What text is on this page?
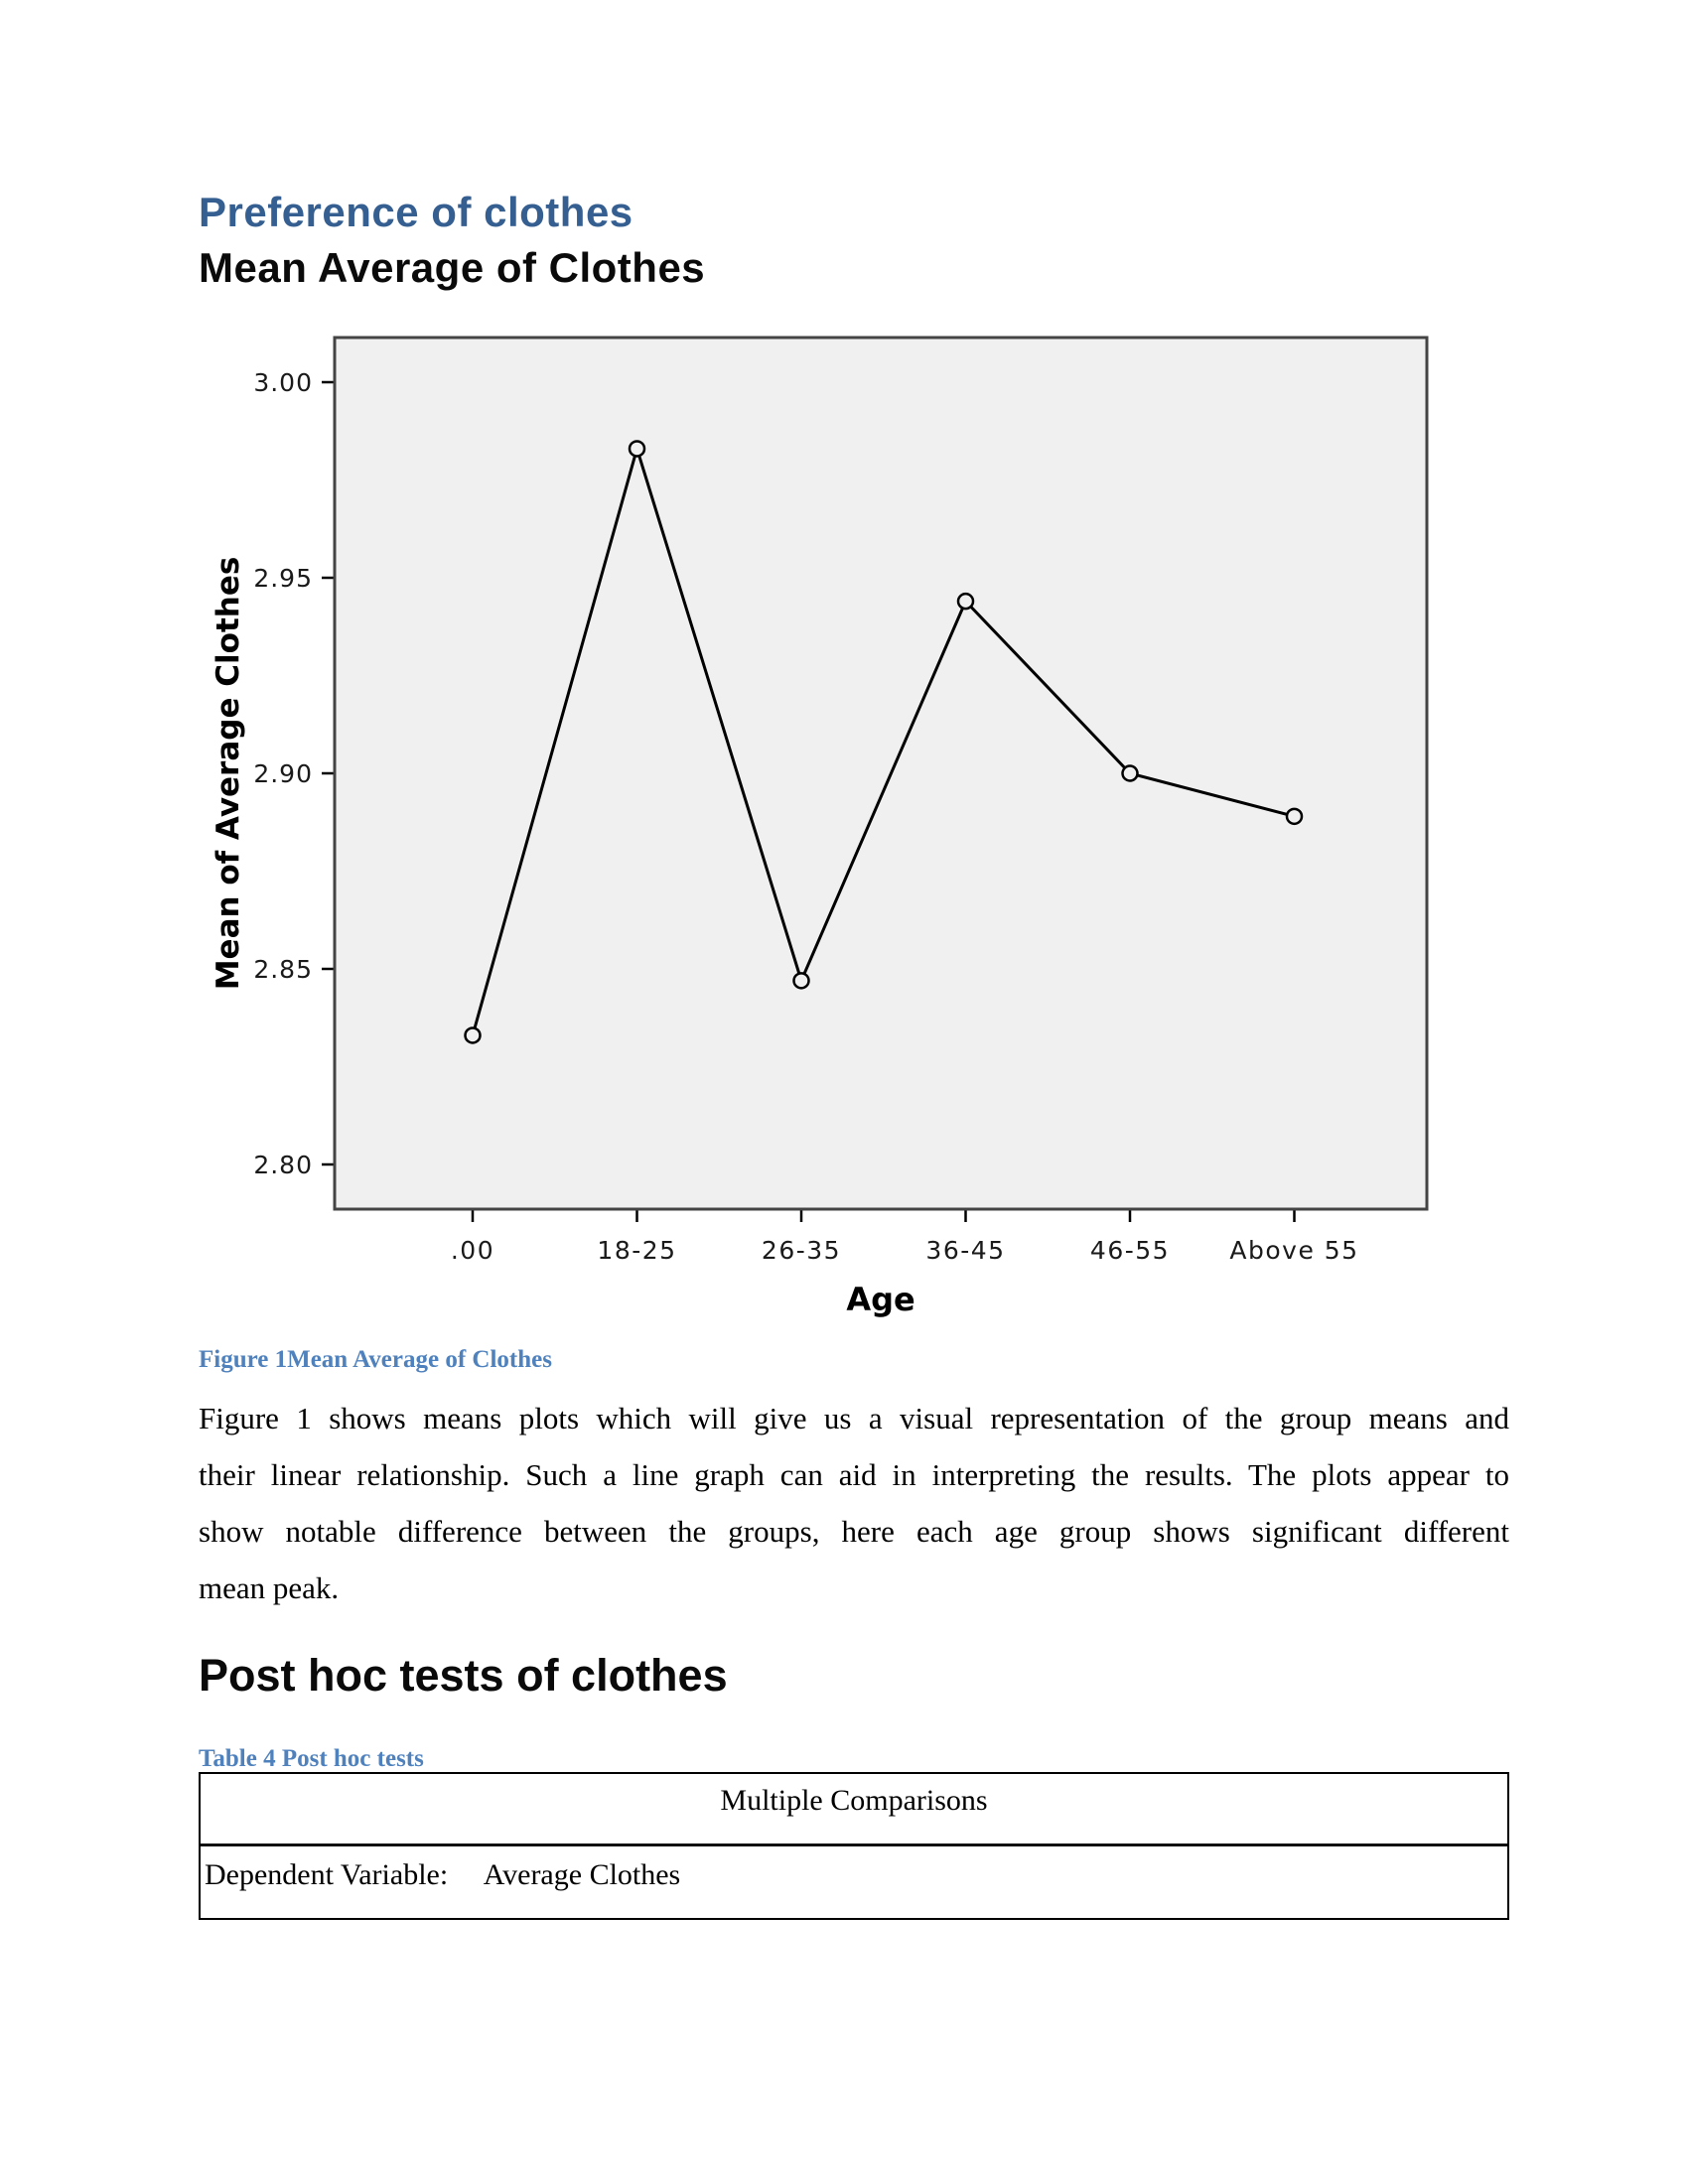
Preference of clothes
Mean Average of Clothes
3.00
2.95
2.90
2.85
2.80
.00	18-25	26-35	36-45	46-55 Above 55
Mean of Average Clothes
Age
Figure 1Mean Average of Clothes
Figure 1 shows means plots which will give us a visual representation of the group means and
their linear relationship. Such a line graph can aid in interpreting the results. The plots appear to
show notable difference between the groups, here each age group shows significant different
mean peak.
Post hoc tests of clothes
Table 4 Post hoc tests
Multiple Comparisons
Dependent Variable: Average Clothes
